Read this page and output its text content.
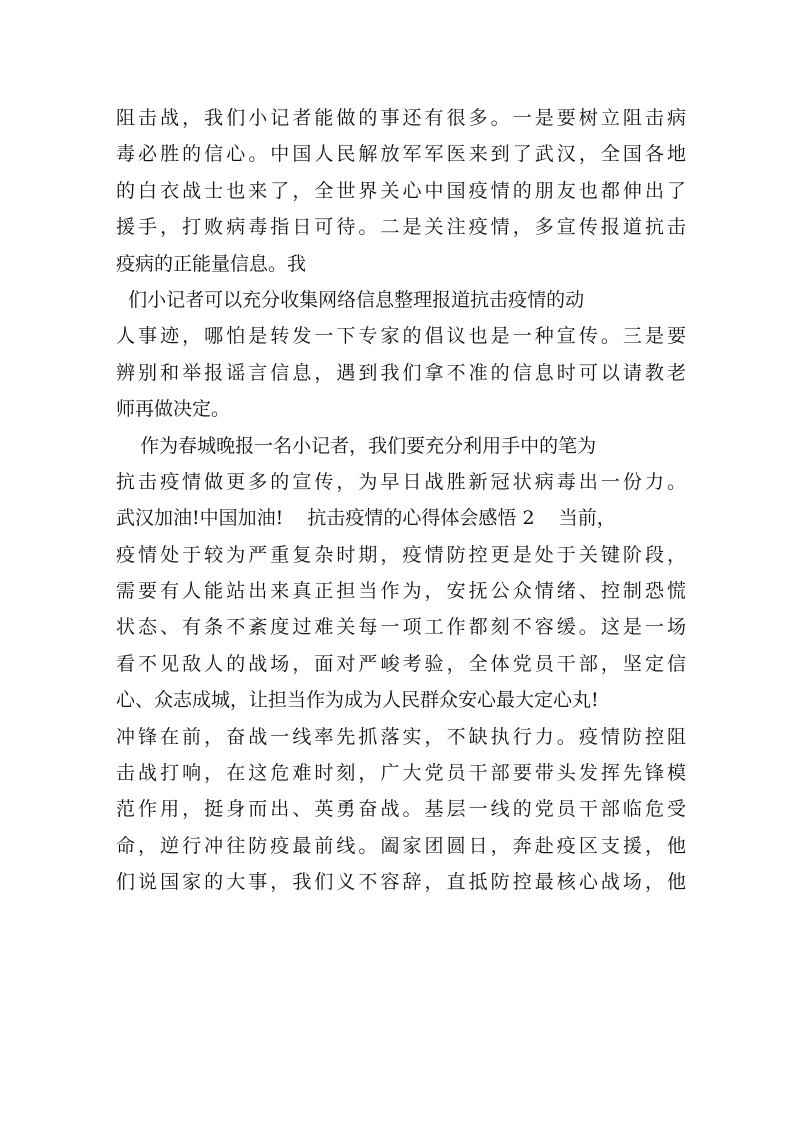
阻击战，我们小记者能做的事还有很多。一是要树立阻击病
毒必胜的信心。中国人民解放军军医来到了武汉，全国各地
的白衣战士也来了，全世界关心中国疫情的朋友也都伸出了
援手，打败病毒指日可待。二是关注疫情，多宣传报道抗击
疫病的正能量信息。我
们小记者可以充分收集网络信息整理报道抗击疫情的动
人事迹，哪怕是转发一下专家的倡议也是一种宣传。三是要
辨别和举报谣言信息，遇到我们拿不准的信息时可以请教老
师再做决定。
作为春城晚报一名小记者，我们要充分利用手中的笔为
抗击疫情做更多的宣传，为早日战胜新冠状病毒出一份力。
武汉加油!中国加油!    抗击疫情的心得体会感悟 2    当前，
疫情处于较为严重复杂时期，疫情防控更是处于关键阶段，
需要有人能站出来真正担当作为，安抚公众情绪、控制恐慌
状态、有条不紊度过难关每一项工作都刻不容缓。这是一场
看不见敌人的战场，面对严峻考验，全体党员干部，坚定信
心、众志成城，让担当作为成为人民群众安心最大定心丸!
冲锋在前，奋战一线率先抓落实，不缺执行力。疫情防控阻
击战打响，在这危难时刻，广大党员干部要带头发挥先锋模
范作用，挺身而出、英勇奋战。基层一线的党员干部临危受
命，逆行冲往防疫最前线。阖家团圆日，奔赴疫区支援，他
们说国家的大事，我们义不容辞，直抵防控最核心战场，他
